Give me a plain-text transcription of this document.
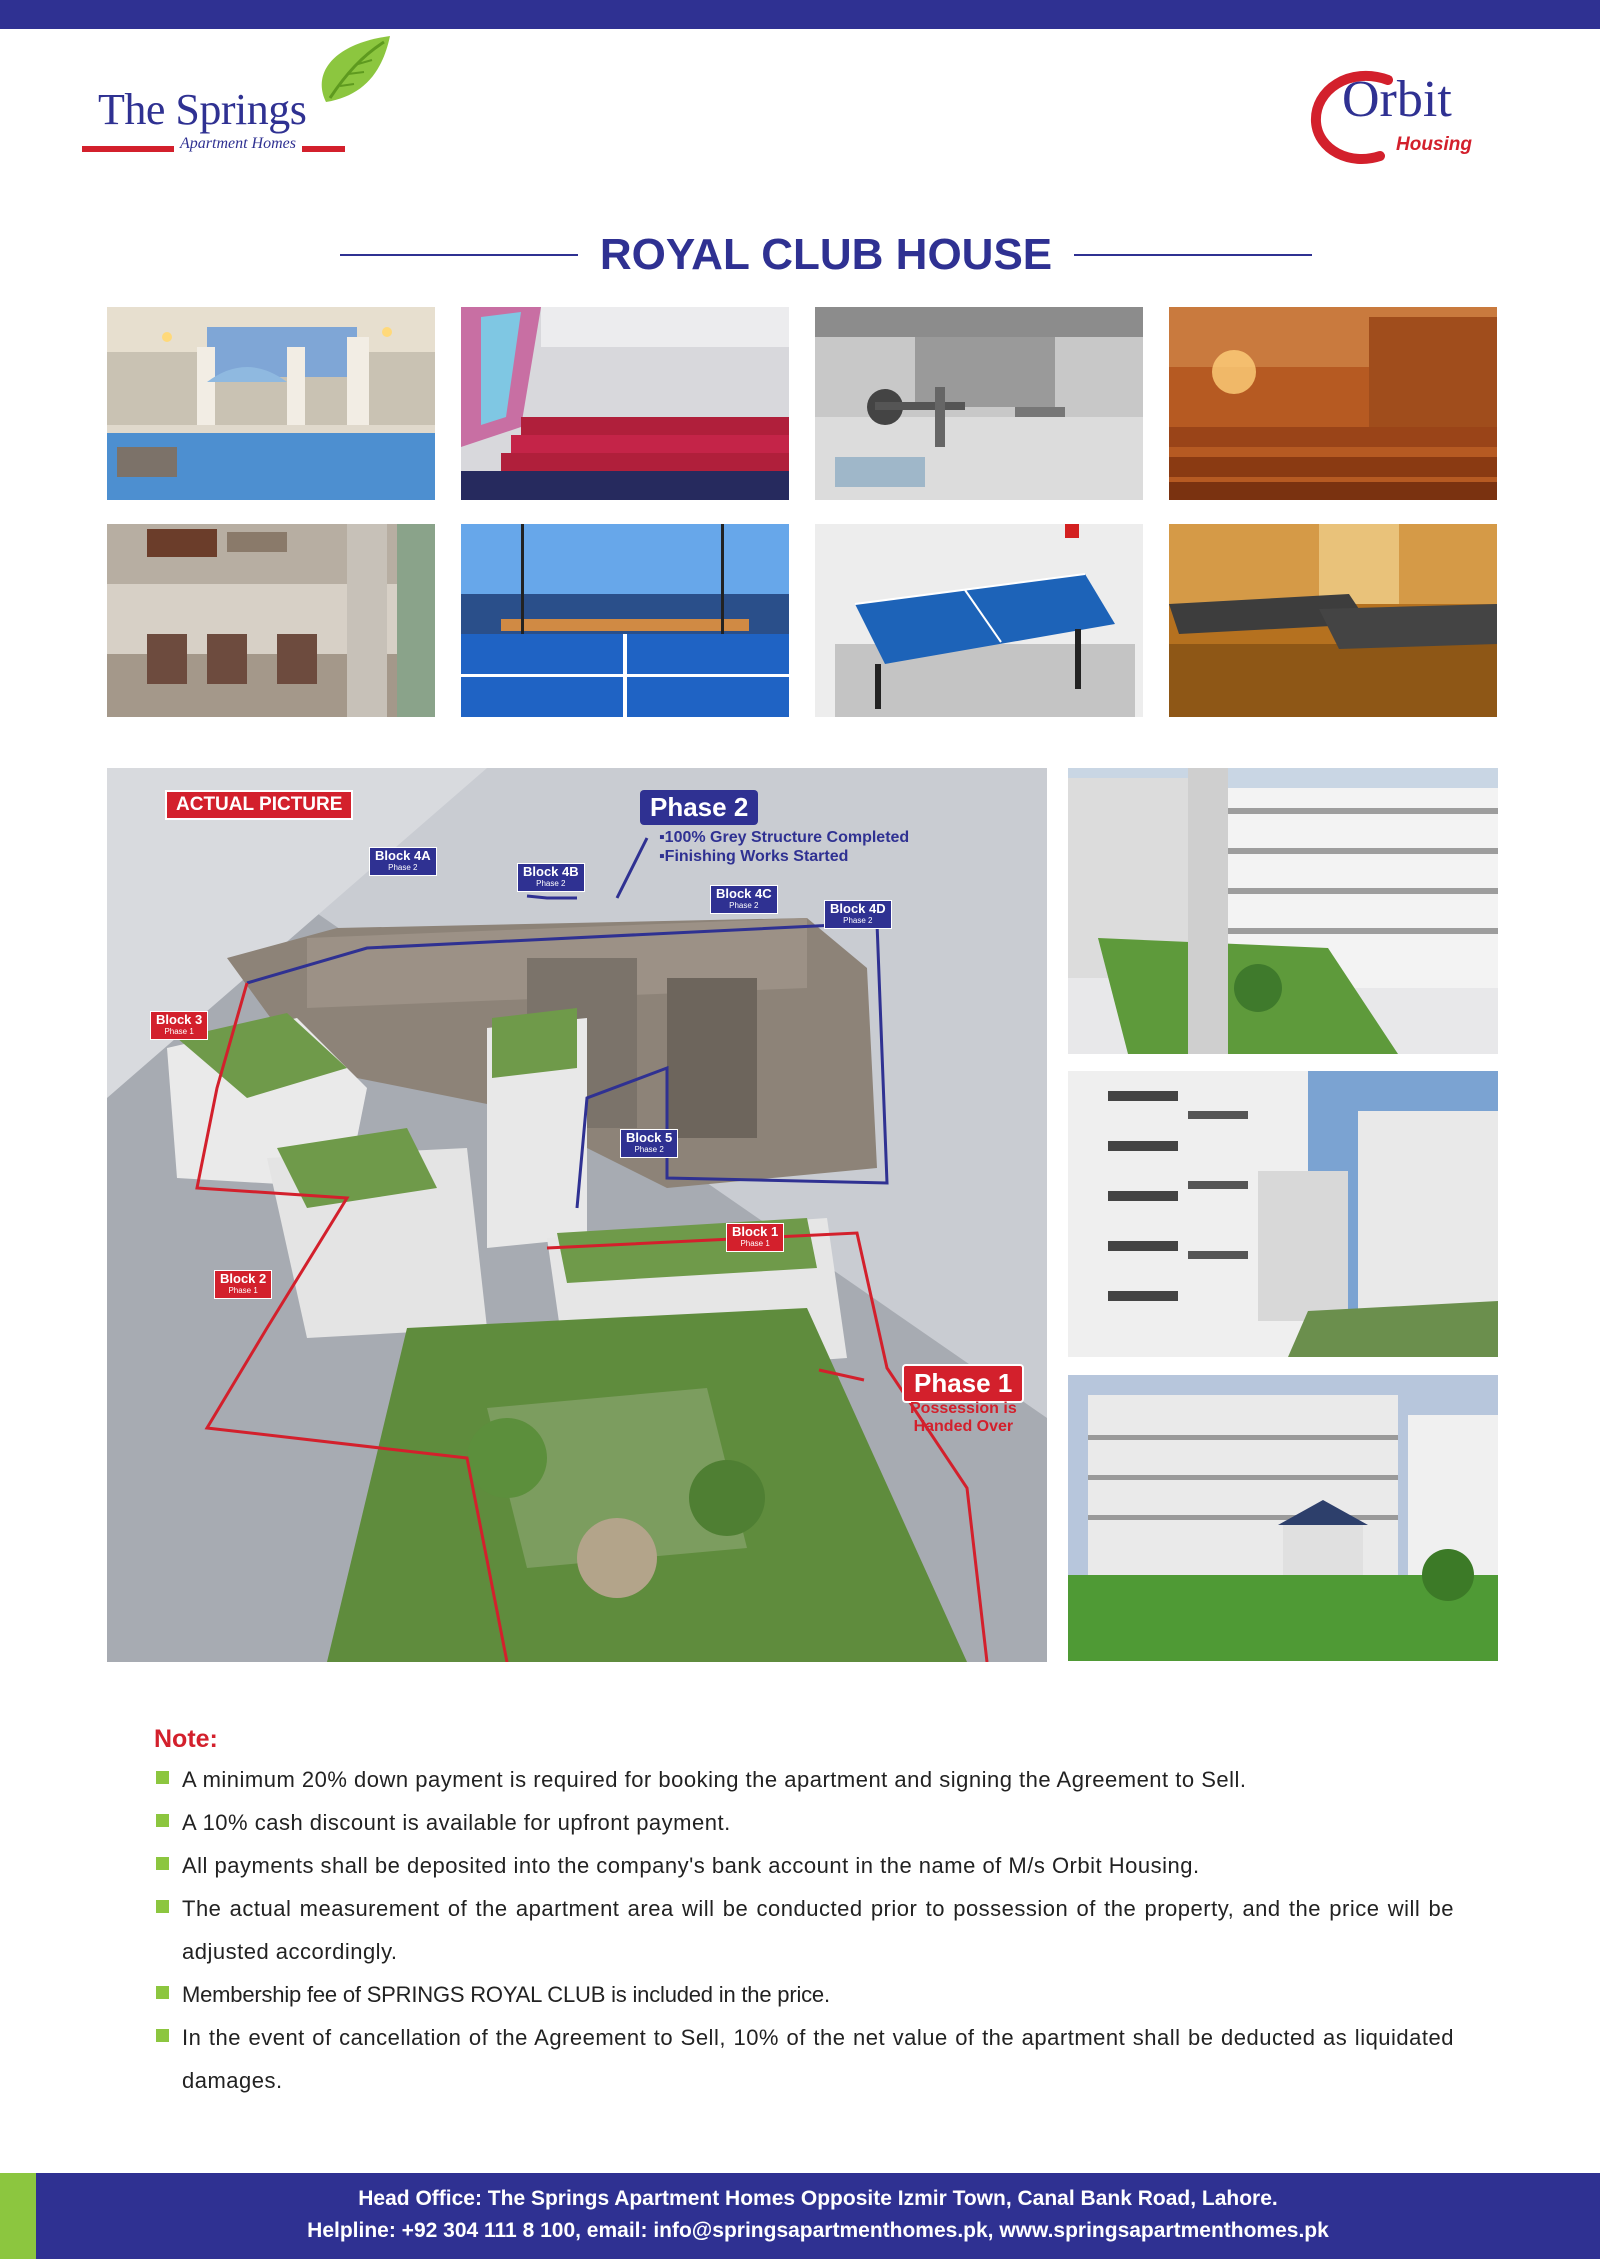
The Springs
Apartment Homes
Orbit
Housing
ROYAL CLUB HOUSE
ACTUAL PICTURE	Phase 2
▪100% Grey Structure Completed
▪Finishing Works Started
Block 4A
Phase 2	Block 4B
Phase 2
Block 4C
Phase 2	Block 4D
Phase 2
Block 3
Phase 1
Block 5
Phase 2
Block 1
Phase 1
Block 2
Phase 1
Phase 1
Possession is
Handed Over
Note:
A minimum 20% down payment is required for booking the apartment and signing the Agreement to Sell.
A 10% cash discount is available for upfront payment.
All payments shall be deposited into the company's bank account in the name of M/s Orbit Housing.
The actual measurement of the apartment area will be conducted prior to possession of the property, and the price will be adjusted accordingly.
Membership fee of SPRINGS ROYAL CLUB is included in the price.
In the event of cancellation of the Agreement to Sell, 10% of the net value of the apartment shall be deducted as liquidated damages.
Head Office: The Springs Apartment Homes Opposite Izmir Town, Canal Bank Road, Lahore.
Helpline: +92 304 111 8 100, email: info@springsapartmenthomes.pk, www.springsapartmenthomes.pk
